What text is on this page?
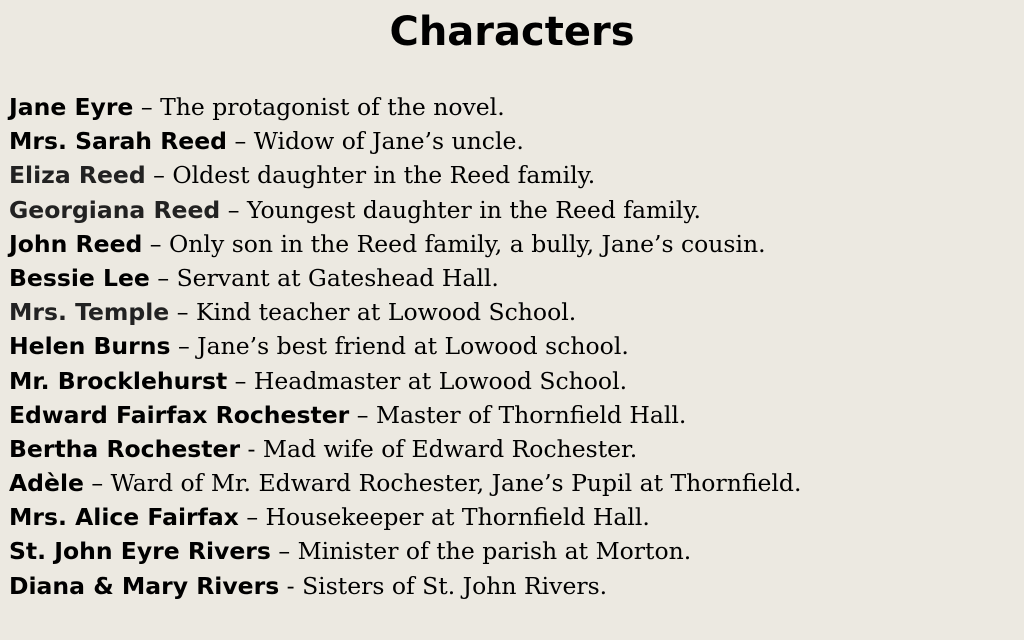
Characters
Jane Eyre – The protagonist of the novel.
Mrs. Sarah Reed – Widow of Jane’s uncle.
Eliza Reed – Oldest daughter in the Reed family.
Georgiana Reed – Youngest daughter in the Reed family.
John Reed – Only son in the Reed family, a bully, Jane’s cousin.
Bessie Lee – Servant at Gateshead Hall.
Mrs. Temple – Kind teacher at Lowood School.
Helen Burns – Jane’s best friend at Lowood school.
Mr. Brocklehurst – Headmaster at Lowood School.
Edward Fairfax Rochester – Master of Thornfield Hall.
Bertha Rochester - Mad wife of Edward Rochester.
Adèle – Ward of Mr. Edward Rochester, Jane’s Pupil at Thornfield.
Mrs. Alice Fairfax – Housekeeper at Thornfield Hall.
St. John Eyre Rivers – Minister of the parish at Morton.
Diana & Mary Rivers - Sisters of St. John Rivers.
